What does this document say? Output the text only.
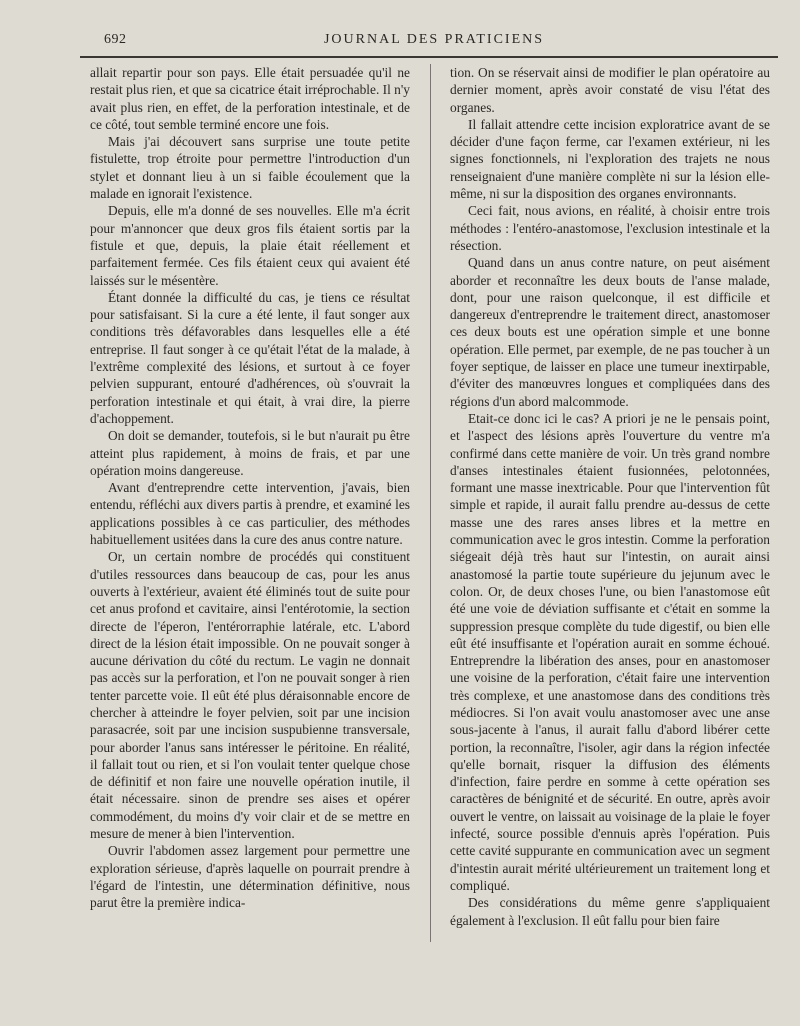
692	JOURNAL DES PRATICIENS

allait repartir pour son pays. Elle était persuadée qu'il ne restait plus rien, et que sa cicatrice était irréprochable. Il n'y avait plus rien, en effet, de la perforation intestinale, et de ce côté, tout semble terminé encore une fois.

Mais j'ai découvert sans surprise une toute petite fistulette, trop étroite pour permettre l'introduction d'un stylet et donnant lieu à un si faible écoulement que la malade en ignorait l'existence.

Depuis, elle m'a donné de ses nouvelles. Elle m'a écrit pour m'annoncer que deux gros fils étaient sortis par la fistule et que, depuis, la plaie était réellement et parfaitement fermée. Ces fils étaient ceux qui avaient été laissés sur le mésentère.

Étant donnée la difficulté du cas, je tiens ce résultat pour satisfaisant. Si la cure a été lente, il faut songer aux conditions très défavorables dans lesquelles elle a été entreprise. Il faut songer à ce qu'était l'état de la malade, à l'extrême complexité des lésions, et surtout à ce foyer pelvien suppurant, entouré d'adhérences, où s'ouvrait la perforation intestinale et qui était, à vrai dire, la pierre d'achoppement.

On doit se demander, toutefois, si le but n'aurait pu être atteint plus rapidement, à moins de frais, et par une opération moins dangereuse.

Avant d'entreprendre cette intervention, j'avais, bien entendu, réfléchi aux divers partis à prendre, et examiné les applications possibles à ce cas particulier, des méthodes habituellement usitées dans la cure des anus contre nature.

Or, un certain nombre de procédés qui constituent d'utiles ressources dans beaucoup de cas, pour les anus ouverts à l'extérieur, avaient été éliminés tout de suite pour cet anus profond et cavitaire, ainsi l'entérotomie, la section directe de l'éperon, l'entérorraphie latérale, etc. L'abord direct de la lésion était impossible. On ne pouvait songer à aucune dérivation du côté du rectum. Le vagin ne donnait pas accès sur la perforation, et l'on ne pouvait songer à rien tenter parcette voie. Il eût été plus déraisonnable encore de chercher à atteindre le foyer pelvien, soit par une incision parasacrée, soit par une incision suspubienne transversale, pour aborder l'anus sans intéresser le péritoine. En réalité, il fallait tout ou rien, et si l'on voulait tenter quelque chose de définitif et non faire une nouvelle opération inutile, il était nécessaire. sinon de prendre ses aises et opérer commodément, du moins d'y voir clair et de se mettre en mesure de mener à bien l'intervention.

Ouvrir l'abdomen assez largement pour permettre une exploration sérieuse, d'après laquelle on pourrait prendre à l'égard de l'intestin, une détermination définitive, nous parut être la première indica-

tion. On se réservait ainsi de modifier le plan opératoire au dernier moment, après avoir constaté de visu l'état des organes.

Il fallait attendre cette incision exploratrice avant de se décider d'une façon ferme, car l'examen extérieur, ni les signes fonctionnels, ni l'exploration des trajets ne nous renseignaient d'une manière complète ni sur la lésion elle-même, ni sur la disposition des organes environnants.

Ceci fait, nous avions, en réalité, à choisir entre trois méthodes : l'entéro-anastomose, l'exclusion intestinale et la résection.

Quand dans un anus contre nature, on peut aisément aborder et reconnaître les deux bouts de l'anse malade, dont, pour une raison quelconque, il est difficile et dangereux d'entreprendre le traitement direct, anastomoser ces deux bouts est une opération simple et une bonne opération. Elle permet, par exemple, de ne pas toucher à un foyer septique, de laisser en place une tumeur inextirpable, d'éviter des manœuvres longues et compliquées dans des régions d'un abord malcommode.

Etait-ce donc ici le cas? A priori je ne le pensais point, et l'aspect des lésions après l'ouverture du ventre m'a confirmé dans cette manière de voir. Un très grand nombre d'anses intestinales étaient fusionnées, pelotonnées, formant une masse inextricable. Pour que l'intervention fût simple et rapide, il aurait fallu prendre au-dessus de cette masse une des rares anses libres et la mettre en communication avec le gros intestin. Comme la perforation siégeait déjà très haut sur l'intestin, on aurait ainsi anastomosé la partie toute supérieure du jejunum avec le colon. Or, de deux choses l'une, ou bien l'anastomose eût été une voie de déviation suffisante et c'était en somme la suppression presque complète du tude digestif, ou bien elle eût été insuffisante et l'opération aurait en somme échoué. Entreprendre la libération des anses, pour en anastomoser une voisine de la perforation, c'était faire une intervention très complexe, et une anastomose dans des conditions très médiocres. Si l'on avait voulu anastomoser avec une anse sous-jacente à l'anus, il aurait fallu d'abord libérer cette portion, la reconnaître, l'isoler, agir dans la région infectée qu'elle bornait, risquer la diffusion des éléments d'infection, faire perdre en somme à cette opération ses caractères de bénignité et de sécurité. En outre, après avoir ouvert le ventre, on laissait au voisinage de la plaie le foyer infecté, source possible d'ennuis après l'opération. Puis cette cavité suppurante en communication avec un segment d'intestin aurait mérité ultérieurement un traitement long et compliqué.

Des considérations du même genre s'appliquaient également à l'exclusion. Il eût fallu pour bien faire
